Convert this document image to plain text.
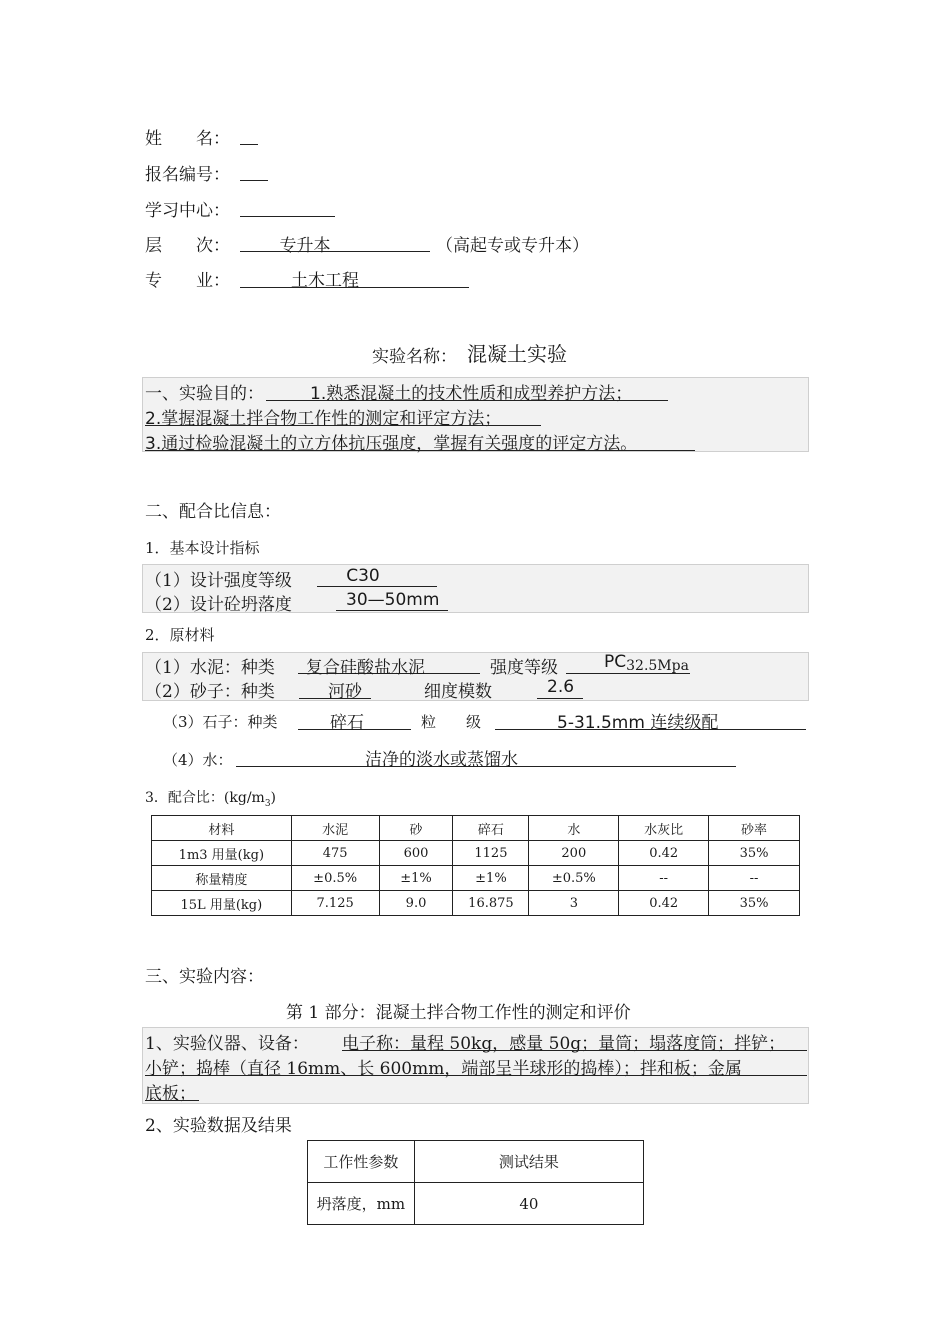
姓　　名：
报名编号：
学习中心：
层　　次：	专升本	（高起专或专升本）
专　　业：	土木工程
实验名称： 混凝土实验
一、实验目的：	1.熟悉混凝土的技术性质和成型养护方法；
2.掌握混凝土拌合物工作性的测定和评定方法；
3.通过检验混凝土的立方体抗压强度，掌握有关强度的评定方法。
二、配合比信息：
1．基本设计指标
（1）设计强度等级	C30
（2）设计砼坍落度	30—50mm
2．原材料
（1）水泥：种类 复合硅酸盐水泥	强度等级	PC32.5Mpa
（2）砂子：种类	河砂	细度模数	2.6
（3）石子：种类	碎石	粒　　级	5-31.5mm 连续级配
（4）水：	洁净的淡水或蒸馏水
3．配合比：$(kg/m_3)$
材料	水泥	砂	碎石	水	水灰比	砂率
1m3 用量(kg)	475	600	1125	200	0.42	35%
称量精度	±0.5%	±1%	±1%	±0.5%	--	--
15L 用量(kg)	7.125	9.0	16.875	3	0.42	35%
三、实验内容：
第 1 部分：混凝土拌合物工作性的测定和评价
1、实验仪器、设备： 电子称：量程 50kg，感量 50g；量筒；塌落度筒；拌铲；
小铲；捣棒（直径 16mm、长 600mm，端部呈半球形的捣棒）；拌和板；金属
底板；
2、实验数据及结果
工作性参数	测试结果
坍落度，mm	40
